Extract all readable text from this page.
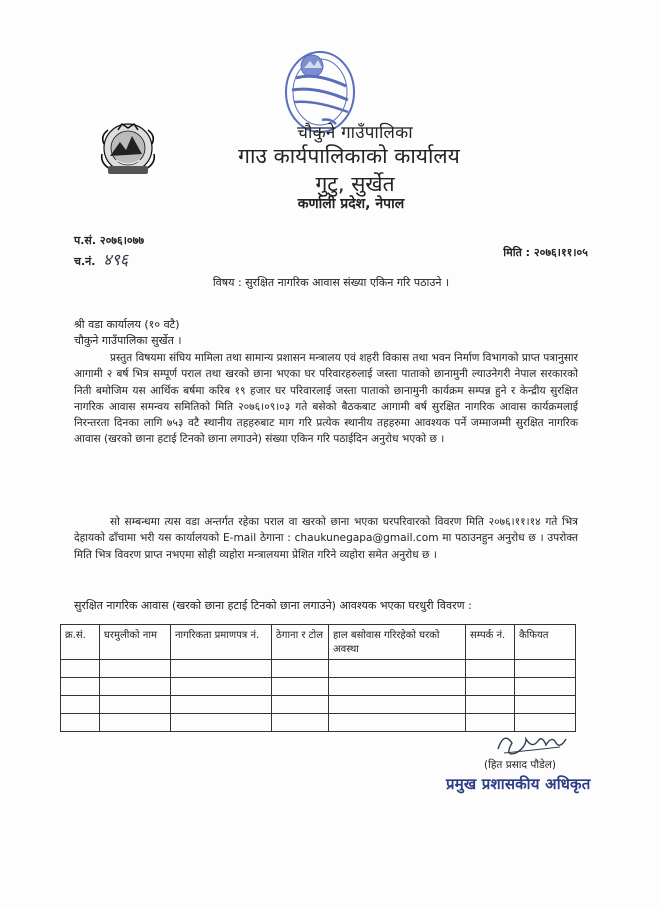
चौकुने गाउँपालिका
गाउ कार्यपालिकाको कार्यालय
गुटु, सुर्खेत
कर्णाली प्रदेश, नेपाल
प.सं. २०७६।०७७
च.नं. ४९६	मिति : २०७६।११।०५
विषय : सुरक्षित नागरिक आवास संख्या एकिन गरि पठाउने ।
श्री वडा कार्यालय (१० वटै)
चौकुने गाउँपालिका सुर्खेत ।
प्रस्तुत विषयमा संघिय मामिला तथा सामान्य प्रशासन मन्त्रालय एवं शहरी विकास तथा भवन निर्माण विभागको प्राप्त पत्रानुसार आगामी २ बर्ष भित्र सम्पूर्ण पराल तथा खरको छाना भएका घर परिवारहरुलाई जस्ता पाताको छानामुनी ल्याउनेगरी नेपाल सरकारको निती बमोजिम यस आर्थिक बर्षमा करिब १९ हजार घर परिवारलाई जस्ता पाताको छानामुनी कार्यक्रम सम्पन्न हुने र केन्द्रीय सुरक्षित नागरिक आवास समन्वय समितिको मिति २०७६।०९।०३ गते बसेको बैठकबाट आगामी बर्ष सुरक्षित नागरिक आवास कार्यक्रमलाई निरन्तरता दिनका लागि ७५३ वटै स्थानीय तहहरुबाट माग गरि प्रत्येक स्थानीय तहहरुमा आवश्यक पर्ने जम्माजम्मी सुरक्षित नागरिक आवास (खरको छाना हटाई टिनको छाना लगाउने) संख्या एकिन गरि पठाईदिन अनुरोध भएको छ ।
सो सम्बन्धमा त्यस वडा अन्तर्गत रहेका पराल वा खरको छाना भएका घरपरिवारको विवरण मिति २०७६।११।१४ गते भित्र देहायको ढाँचामा भरी यस कार्यालयको E-mail ठेगाना : chaukunegapa@gmail.com मा पठाउनहुन अनुरोध छ । उपरोक्त मिति भित्र विवरण प्राप्त नभएमा सोही व्यहोरा मन्त्रालयमा प्रेशित गरिने व्यहोरा समेत अनुरोध छ ।
सुरक्षित नागरिक आवास (खरको छाना हटाई टिनको छाना लगाउने) आवश्यक भएका घरधुरी विवरण :
क्र.सं.	घरमुलीको नाम	नागरिकता प्रमाणपत्र नं.	ठेगाना र टोल	हाल बसोवास गरिरहेको घरको अवस्था	सम्पर्क नं.	कैफियत

(हित प्रसाद पौडेल)
प्रमुख प्रशासकीय अधिकृत
